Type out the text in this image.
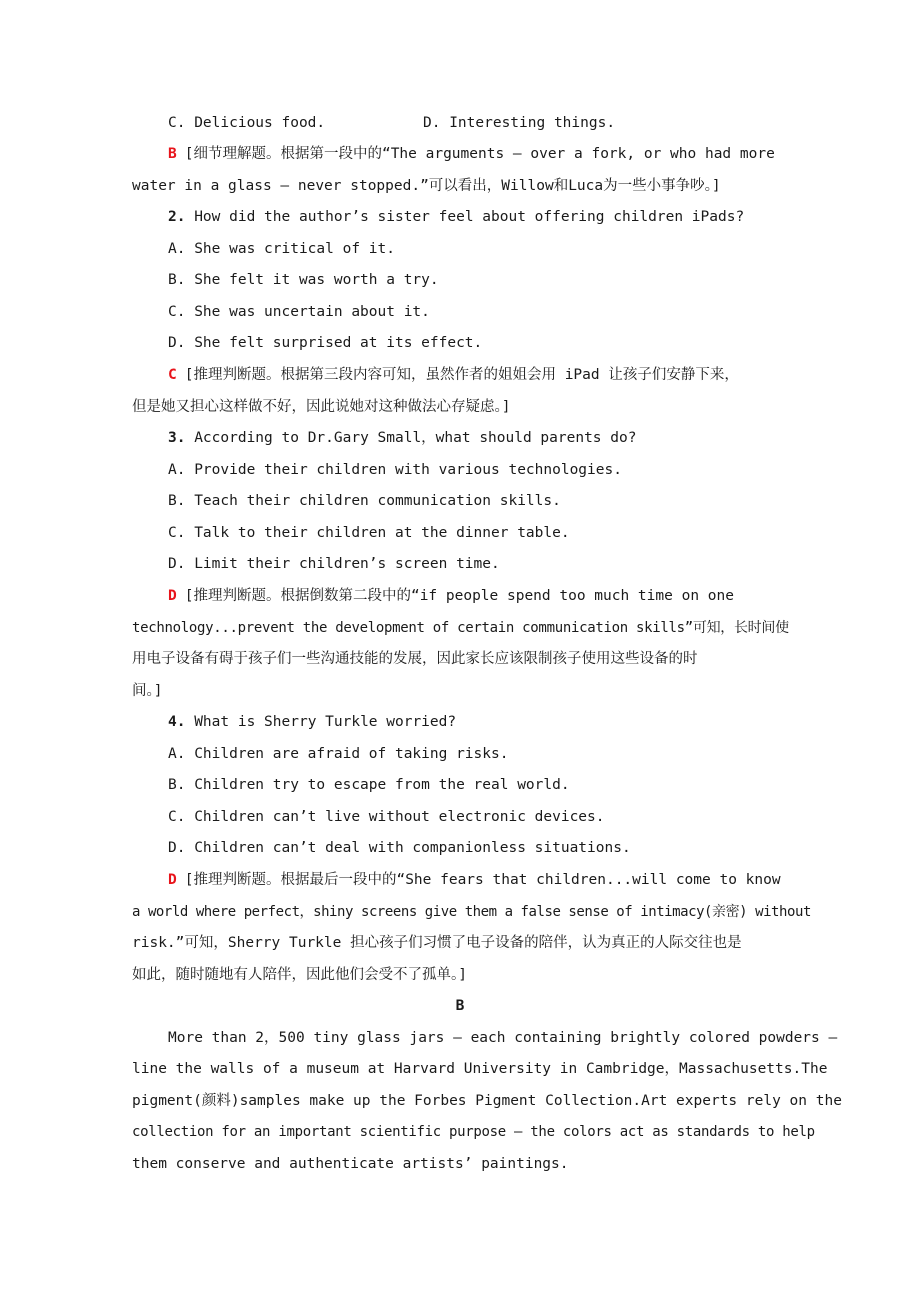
C. Delicious food.	D. Interesting things.
B [细节理解题。根据第一段中的“The arguments — over a fork, or who had more
water in a glass — never stopped.”可以看出，Willow和Luca为一些小事争吵。]
2. How did the author’s sister feel about offering children iPads?
A. She was critical of it.
B. She felt it was worth a try.
C. She was uncertain about it.
D. She felt surprised at its effect.
C [推理判断题。根据第三段内容可知，虽然作者的姐姐会用 iPad 让孩子们安静下来，
但是她又担心这样做不好，因此说她对这种做法心存疑虑。]
3. According to Dr.Gary Small，what should parents do?
A. Provide their children with various technologies.
B. Teach their children communication skills.
C. Talk to their children at the dinner table.
D. Limit their children’s screen time.
D [推理判断题。根据倒数第二段中的“if people spend too much time on one
technology...prevent the development of certain communication skills”可知，长时间使
用电子设备有碍于孩子们一些沟通技能的发展，因此家长应该限制孩子使用这些设备的时
间。]
4. What is Sherry Turkle worried?
A. Children are afraid of taking risks.
B. Children try to escape from the real world.
C. Children can’t live without electronic devices.
D. Children can’t deal with companionless situations.
D [推理判断题。根据最后一段中的“She fears that children...will come to know
a world where perfect，shiny screens give them a false sense of intimacy(亲密) without
risk.”可知，Sherry Turkle 担心孩子们习惯了电子设备的陪伴，认为真正的人际交往也是
如此，随时随地有人陪伴，因此他们会受不了孤单。]
B
More than 2，500 tiny glass jars — each containing brightly colored powders —
line the walls of a museum at Harvard University in Cambridge，Massachusetts.The
pigment(颜料)samples make up the Forbes Pigment Collection.Art experts rely on the
collection for an important scientific purpose — the colors act as standards to help
them conserve and authenticate artists’ paintings.
